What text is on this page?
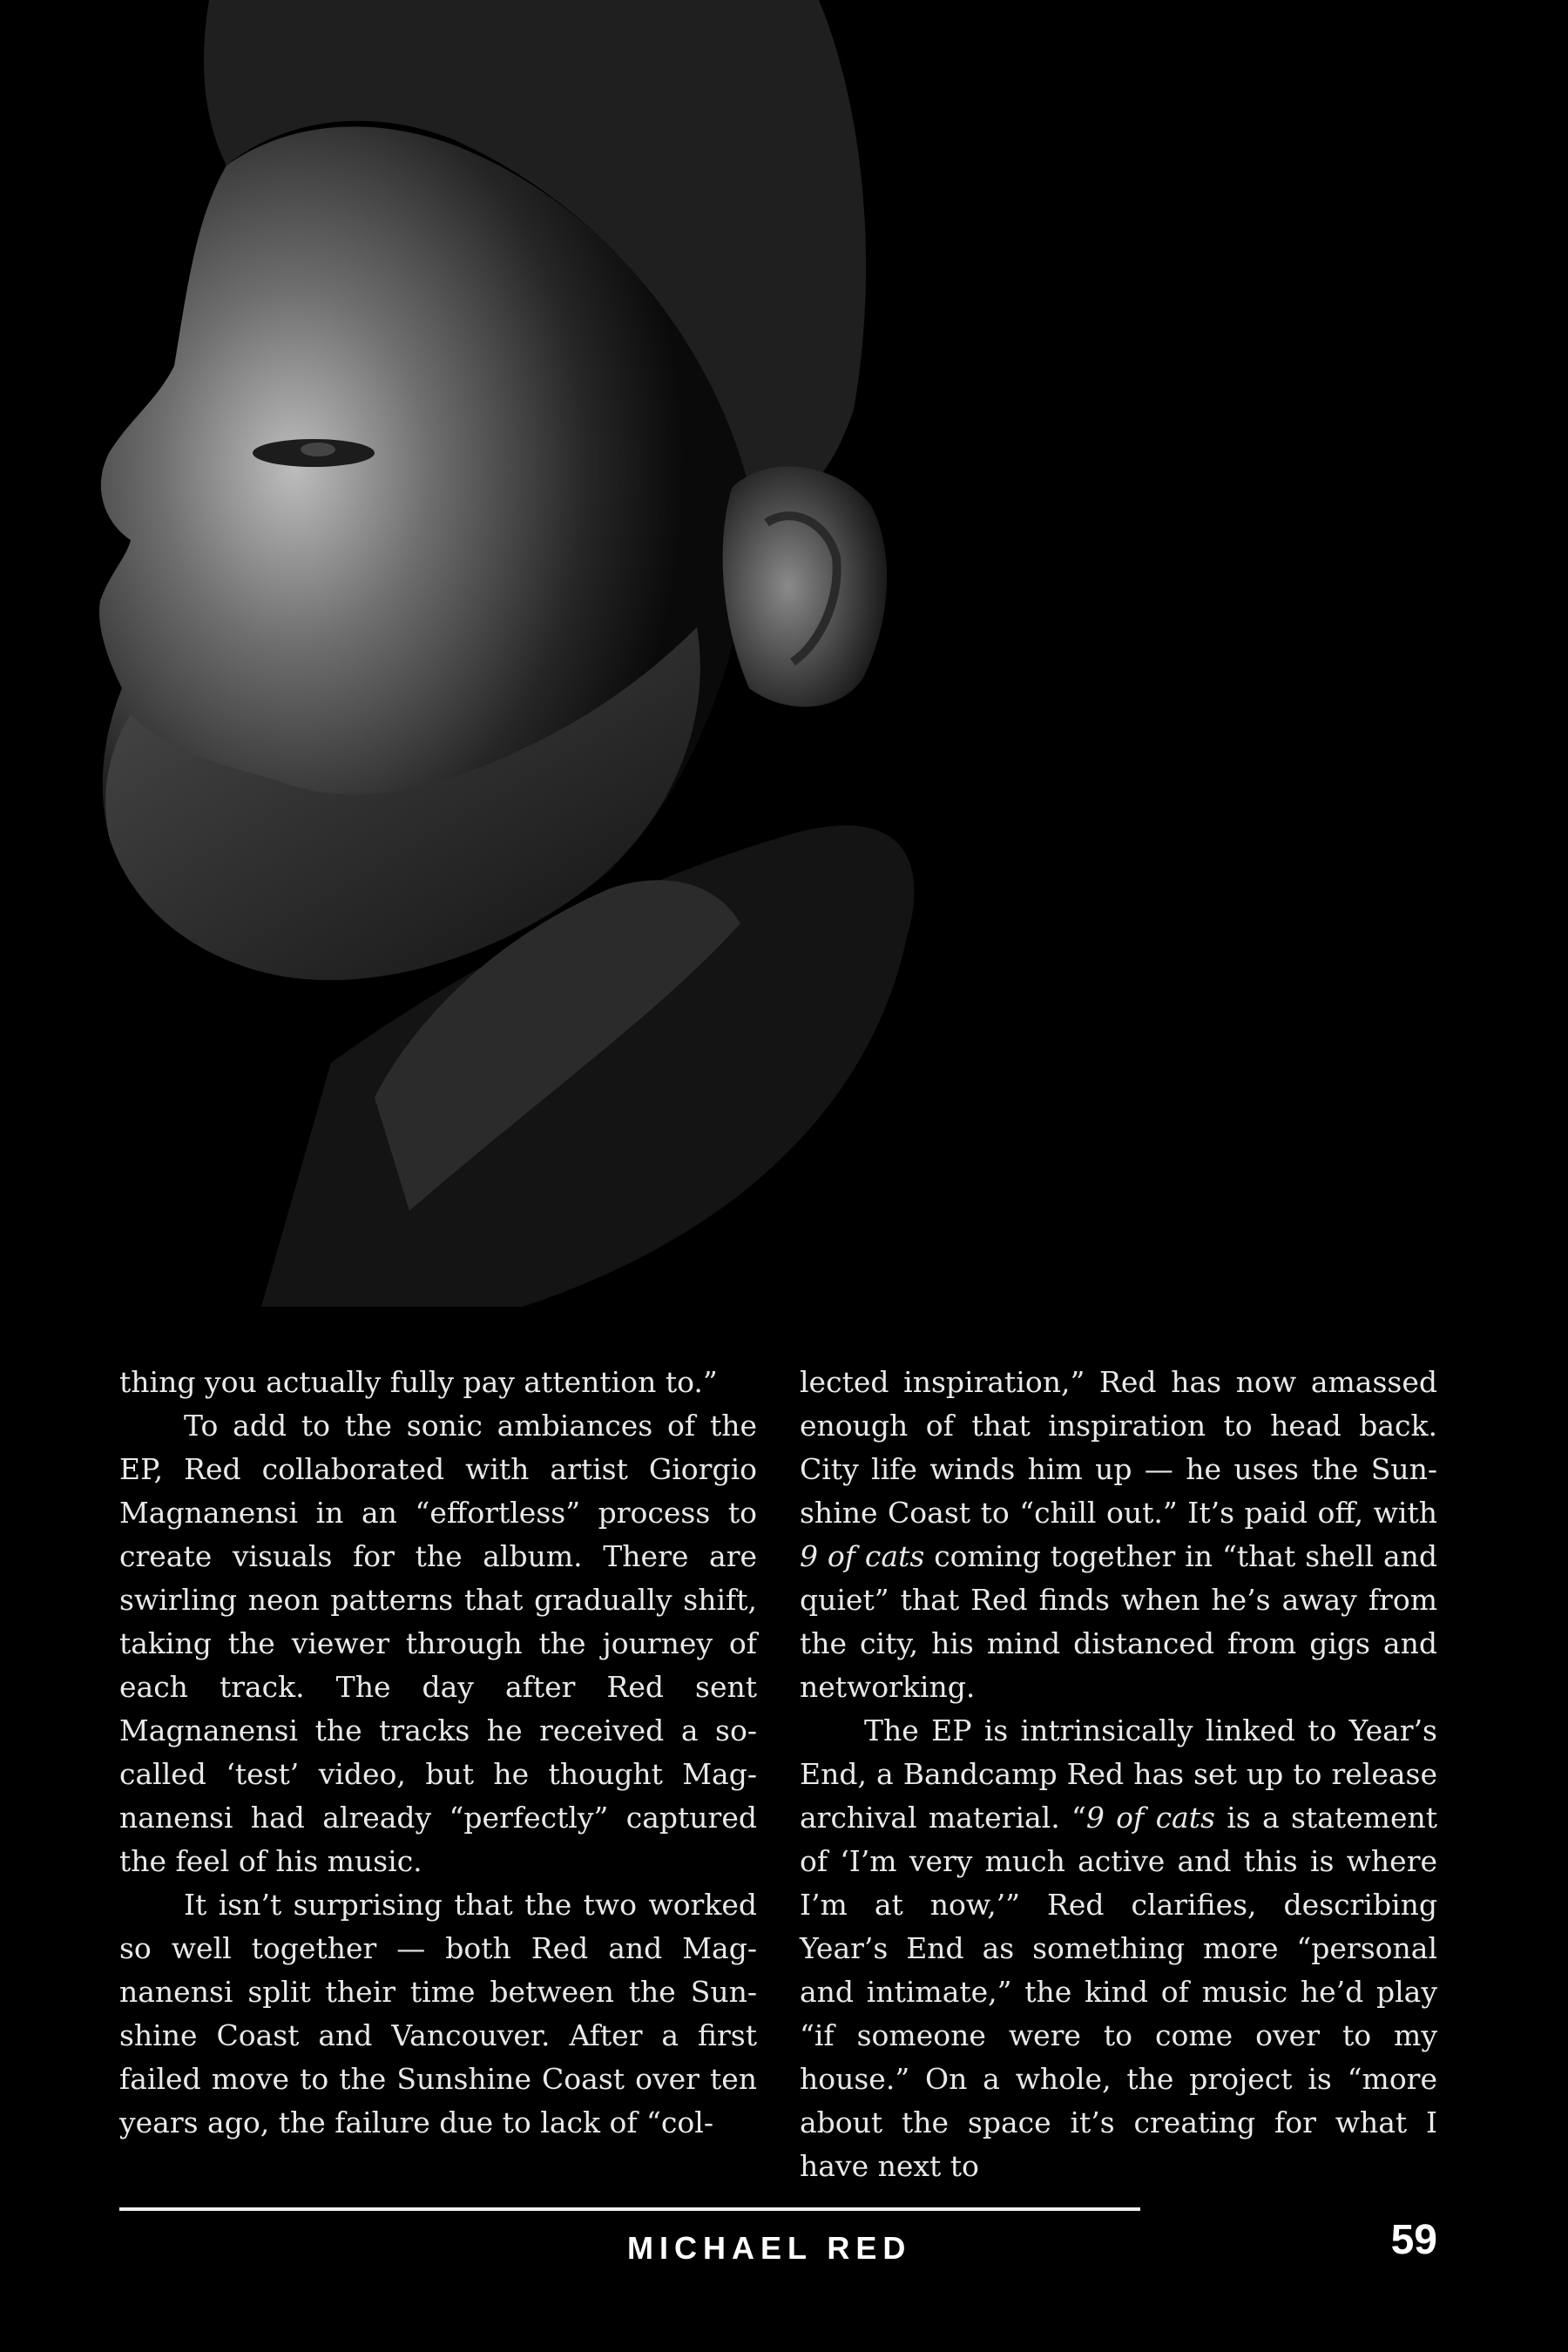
thing you actually fully pay attention to.”

To add to the sonic ambiances of the EP, Red collaborated with artist Giorgio Magnanensi in an “effortless” process to create visuals for the album. There are swirling neon patterns that gradually shift, taking the viewer through the journey of each track. The day after Red sent Magnanensi the tracks he received a so-called ‘test’ video, but he thought Magnanensi had already “perfectly” captured the feel of his music.

It isn’t surprising that the two worked so well together — both Red and Magnanensi split their time between the Sunshine Coast and Vancouver. After a first failed move to the Sunshine Coast over ten years ago, the failure due to lack of “col-

lected inspiration,” Red has now amassed enough of that inspiration to head back. City life winds him up — he uses the Sunshine Coast to “chill out.” It’s paid off, with 9 of cats coming together in “that shell and quiet” that Red finds when he’s away from the city, his mind distanced from gigs and networking.

The EP is intrinsically linked to Year’s End, a Bandcamp Red has set up to release archival material. “9 of cats is a statement of ‘I’m very much active and this is where I’m at now,’” Red clarifies, describing Year’s End as something more “personal and intimate,” the kind of music he’d play “if someone were to come over to my house.” On a whole, the project is “more about the space it’s creating for what I have next to

MICHAEL RED	59
